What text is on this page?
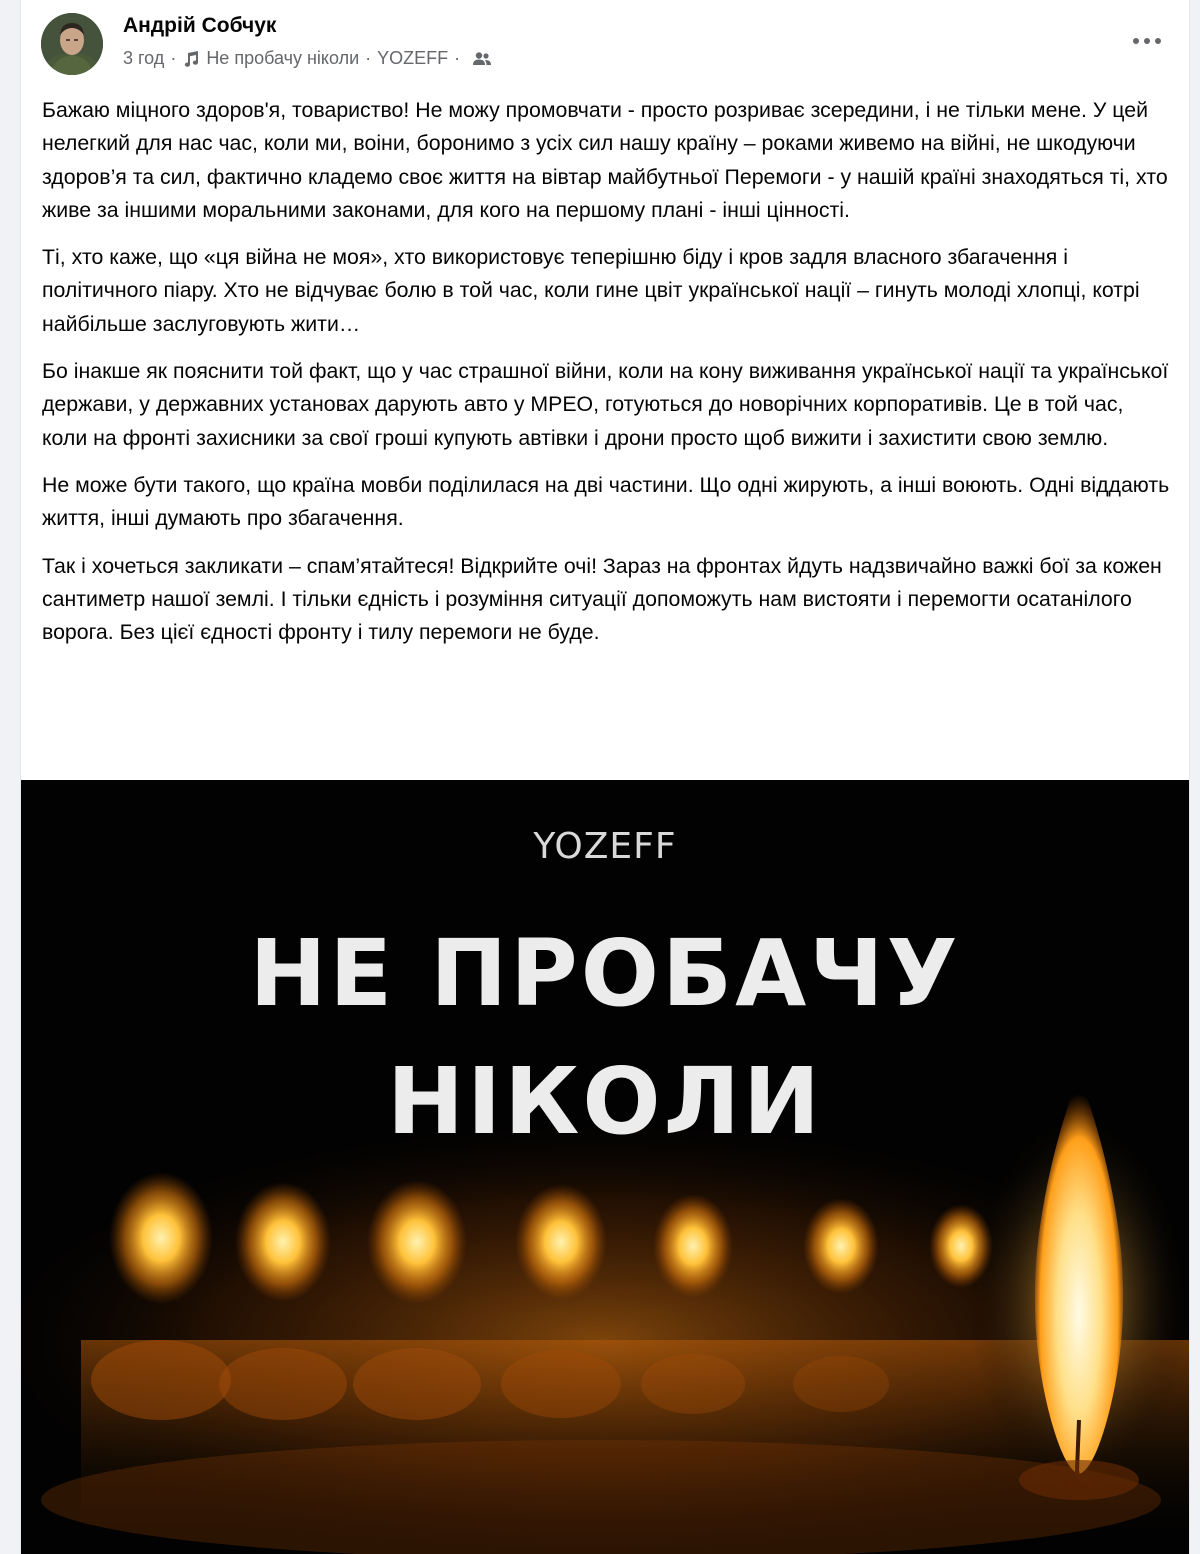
Андрій Собчук
3 год · Не пробачу ніколи · YOZEFF ·

Бажаю міцного здоров'я, товариство! Не можу промовчати - просто розриває зсередини, і не тільки мене. У цей нелегкий для нас час, коли ми, воіни, боронимо з усіх сил нашу країну – роками живемо на війні, не шкодуючи здоров’я та сил, фактично кладемо своє життя на вівтар майбутньої Перемоги - у нашій країні знаходяться ті, хто живе за іншими моральними законами, для кого на першому плані - інші цінності.

Ті, хто каже, що «ця війна не моя», хто використовує теперішню біду і кров задля власного збагачення і політичного піару. Хто не відчуває болю в той час, коли гине цвіт української нації – гинуть молоді хлопці, котрі найбільше заслуговують жити…

Бо інакше як пояснити той факт, що у час страшної війни, коли на кону виживання української нації та української держави, у державних установах дарують авто у МРЕО, готуються до новорічних корпоративів. Це в той час, коли на фронті захисники за свої гроші купують автівки і дрони просто щоб вижити і захистити свою землю.

Не може бути такого, що країна мовби поділилася на дві частини. Що одні жирують, а інші воюють. Одні віддають життя, інші думають про збагачення.

Так і хочеться закликати – спам’ятайтеся! Відкрийте очі! Зараз на фронтах йдуть надзвичайно важкі бої за кожен сантиметр нашої землі. І тільки єдність і розуміння ситуації допоможуть нам вистояти і перемогти осатанілого ворога. Без цієї єдності фронту і тилу перемоги не буде.

YOZEFF
НЕ ПРОБАЧУ
НІКОЛИ
